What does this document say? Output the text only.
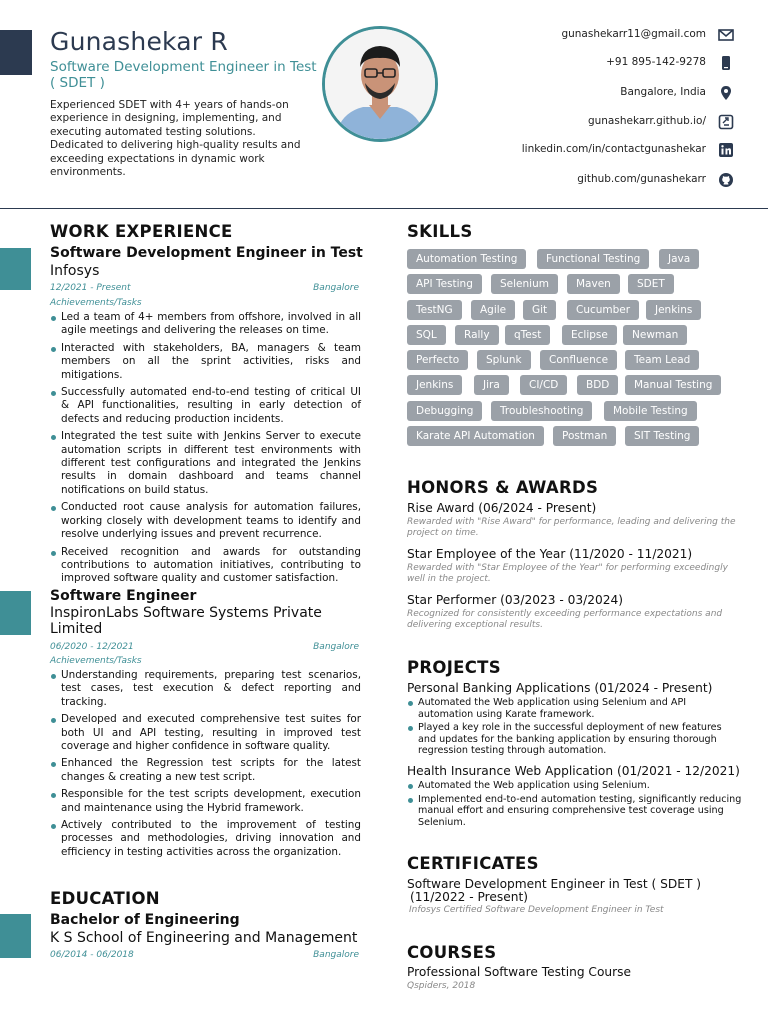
Gunashekar R
Software Development Engineer in Test ( SDET )
Experienced SDET with 4+ years of hands-on experience in designing, implementing, and executing automated testing solutions. Dedicated to delivering high-quality results and exceeding expectations in dynamic work environments.
gunashekarr11@gmail.com
+91 895-142-9278
Bangalore, India
gunashekarr.github.io/
linkedin.com/in/contactgunashekar
github.com/gunashekarr
WORK EXPERIENCE
Software Development Engineer in Test
Infosys
12/2021 - Present	Bangalore
Achievements/Tasks
Led a team of 4+ members from offshore, involved in all agile meetings and delivering the releases on time.
Interacted with stakeholders, BA, managers & team members on all the sprint activities, risks and mitigations.
Successfully automated end-to-end testing of critical UI & API functionalities, resulting in early detection of defects and reducing production incidents.
Integrated the test suite with Jenkins Server to execute automation scripts in different test environments with different test configurations and integrated the Jenkins results in domain dashboard and teams channel notifications on build status.
Conducted root cause analysis for automation failures, working closely with development teams to identify and resolve underlying issues and prevent recurrence.
Received recognition and awards for outstanding contributions to automation initiatives, contributing to improved software quality and customer satisfaction.
Software Engineer
InspironLabs Software Systems Private Limited
06/2020 - 12/2021	Bangalore
Achievements/Tasks
Understanding requirements, preparing test scenarios, test cases, test execution & defect reporting and tracking.
Developed and executed comprehensive test suites for both UI and API testing, resulting in improved test coverage and higher confidence in software quality.
Enhanced the Regression test scripts for the latest changes & creating a new test script.
Responsible for the test scripts development, execution and maintenance using the Hybrid framework.
Actively contributed to the improvement of testing processes and methodologies, driving innovation and efficiency in testing activities across the organization.
EDUCATION
Bachelor of Engineering
K S School of Engineering and Management
06/2014 - 06/2018	Bangalore
SKILLS
Automation Testing	Functional Testing	Java
API Testing	Selenium	Maven	SDET
TestNG	Agile	Git	Cucumber	Jenkins
SQL	Rally	qTest	Eclipse	Newman
Perfecto	Splunk	Confluence	Team Lead
Jenkins	Jira	CI/CD	BDD	Manual Testing
Debugging	Troubleshooting	Mobile Testing
Karate API Automation	Postman	SIT Testing
HONORS & AWARDS
Rise Award (06/2024 - Present)
Rewarded with "Rise Award" for performance, leading and delivering the project on time.
Star Employee of the Year (11/2020 - 11/2021)
Rewarded with "Star Employee of the Year" for performing exceedingly well in the project.
Star Performer (03/2023 - 03/2024)
Recognized for consistently exceeding performance expectations and delivering exceptional results.
PROJECTS
Personal Banking Applications (01/2024 - Present)
Automated the Web application using Selenium and API automation using Karate framework.
Played a key role in the successful deployment of new features and updates for the banking application by ensuring thorough regression testing through automation.
Health Insurance Web Application (01/2021 - 12/2021)
Automated the Web application using Selenium.
Implemented end-to-end automation testing, significantly reducing manual effort and ensuring comprehensive test coverage using Selenium.
CERTIFICATES
Software Development Engineer in Test ( SDET )
(11/2022 - Present)
Infosys Certified Software Development Engineer in Test
COURSES
Professional Software Testing Course
Qspiders, 2018
